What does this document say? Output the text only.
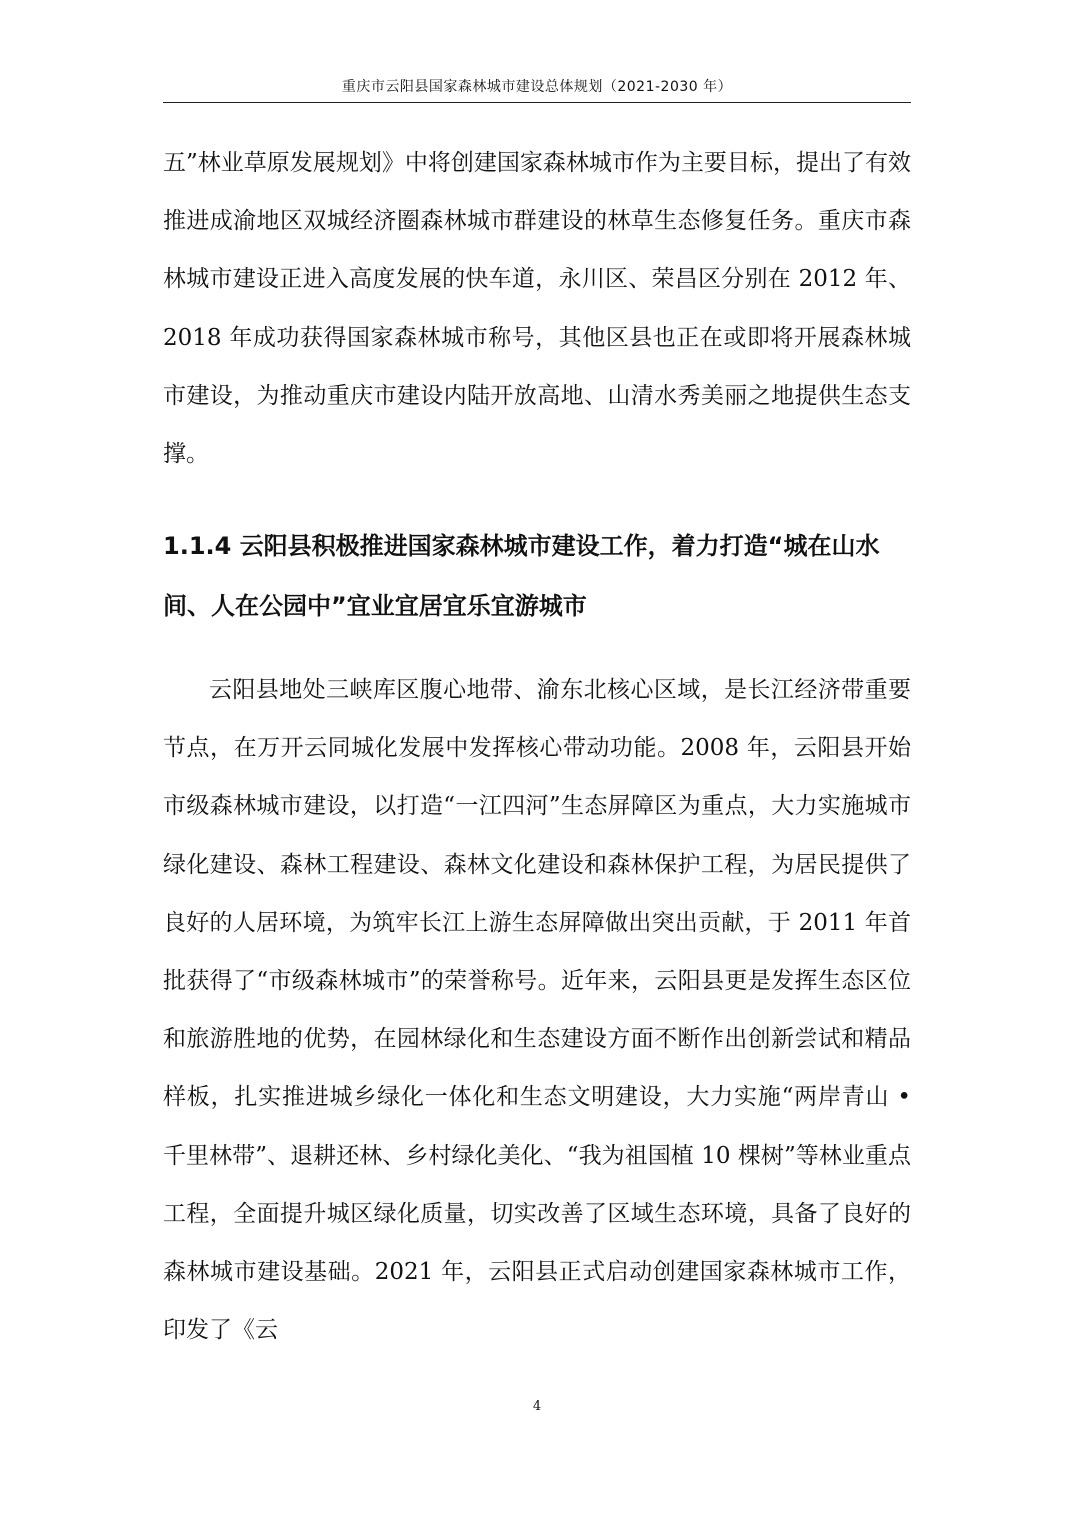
重庆市云阳县国家森林城市建设总体规划（2021-2030 年）

五”林业草原发展规划》中将创建国家森林城市作为主要目标，提出了有效推进成渝地区双城经济圈森林城市群建设的林草生态修复任务。重庆市森林城市建设正进入高度发展的快车道，永川区、荣昌区分别在 2012 年、2018 年成功获得国家森林城市称号，其他区县也正在或即将开展森林城市建设，为推动重庆市建设内陆开放高地、山清水秀美丽之地提供生态支撑。

1.1.4 云阳县积极推进国家森林城市建设工作，着力打造“城在山水间、人在公园中”宜业宜居宜乐宜游城市

云阳县地处三峡库区腹心地带、渝东北核心区域，是长江经济带重要节点，在万开云同城化发展中发挥核心带动功能。2008 年，云阳县开始市级森林城市建设，以打造“一江四河”生态屏障区为重点，大力实施城市绿化建设、森林工程建设、森林文化建设和森林保护工程，为居民提供了良好的人居环境，为筑牢长江上游生态屏障做出突出贡献，于 2011 年首批获得了“市级森林城市”的荣誉称号。近年来，云阳县更是发挥生态区位和旅游胜地的优势，在园林绿化和生态建设方面不断作出创新尝试和精品样板，扎实推进城乡绿化一体化和生态文明建设，大力实施“两岸青山 • 千里林带”、退耕还林、乡村绿化美化、“我为祖国植 10 棵树”等林业重点工程，全面提升城区绿化质量，切实改善了区域生态环境，具备了良好的森林城市建设基础。2021 年，云阳县正式启动创建国家森林城市工作，印发了《云

4
